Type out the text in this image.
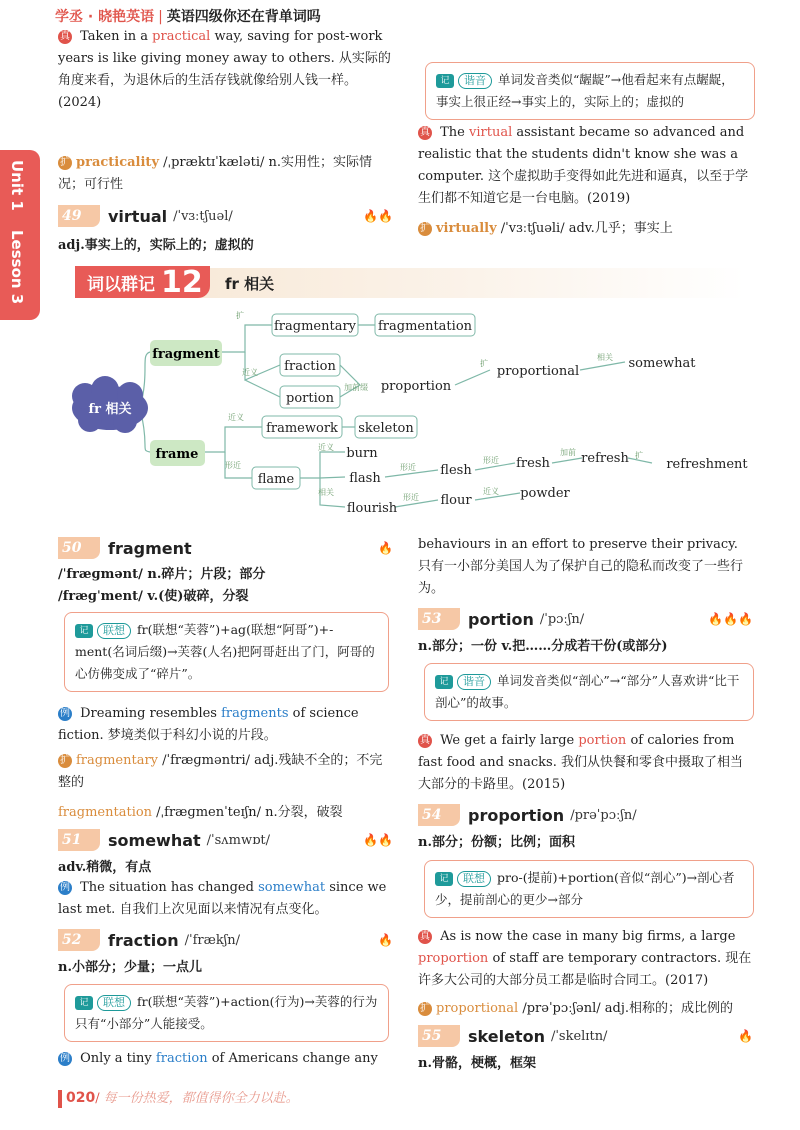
学丞 · 晓艳英语 | 英语四级你还在背单词吗
Unit 1
Lesson 3
真 Taken in a practical way, saving for post-work years is like giving money away to others. 从实际的角度来看，为退休后的生活存钱就像给别人钱一样。(2024)
扩 practicality /ˌpræktɪˈkæləti/ n.实用性；实际情况；可行性
49	virtual /ˈvɜːtʃuəl/	🔥🔥
adj.事实上的，实际上的；虚拟的
记 谐音 单词发音类似“龌龊”→他看起来有点龌龊，事实上很正经→事实上的，实际上的；虚拟的
真 The virtual assistant became so advanced and realistic that the students didn't know she was a computer. 这个虚拟助手变得如此先进和逼真，以至于学生们都不知道它是一台电脑。(2019)
扩 virtually /ˈvɜːtʃuəli/ adv.几乎；事实上
词以群记 12 fr 相关
扩
近义
加前缀
扩
相关
近义
形近
近义
相关
形近
形近
加前	扩
形近
近义
fr 相关
fragment
frame
fragmentary fragmentation
fraction
portion
proportion
proportional
somewhat
framework skeleton
flame
burn
flash
flourish
flesh	fresh refresh	refreshment
flour	powder
50	fragment	🔥
/ˈfræɡmənt/ n.碎片；片段；部分
/fræɡˈment/ v.(使)破碎，分裂
记 联想 fr(联想“芙蓉”)+ag(联想“阿哥”)+-ment(名词后缀)→芙蓉(人名)把阿哥赶出了门，阿哥的心仿佛变成了“碎片”。
例 Dreaming resembles fragments of science fiction. 梦境类似于科幻小说的片段。
扩 fragmentary /ˈfræɡməntri/ adj.残缺不全的；不完整的
fragmentation /ˌfræɡmenˈteɪʃn/ n.分裂，破裂
51	somewhat /ˈsʌmwɒt/	🔥🔥
adv.稍微，有点
例 The situation has changed somewhat since we last met. 自我们上次见面以来情况有点变化。
52	fraction /ˈfrækʃn/	🔥
n.小部分；少量；一点儿
记 联想 fr(联想“芙蓉”)+action(行为)→芙蓉的行为只有“小部分”人能接受。
例 Only a tiny fraction of Americans change any
behaviours in an effort to preserve their privacy. 只有一小部分美国人为了保护自己的隐私而改变了一些行为。
53	portion /ˈpɔːʃn/	🔥🔥🔥
n.部分；一份 v.把……分成若干份(或部分)
记 谐音 单词发音类似“剖心”→“部分”人喜欢讲“比干剖心”的故事。
真 We get a fairly large portion of calories from fast food and snacks. 我们从快餐和零食中摄取了相当大部分的卡路里。(2015)
54	proportion /prəˈpɔːʃn/
n.部分；份额；比例；面积
记 联想 pro-(提前)+portion(音似“剖心”)→剖心者少，提前剖心的更少→部分
真 As is now the case in many big firms, a large proportion of staff are temporary contractors. 现在许多大公司的大部分员工都是临时合同工。(2017)
扩 proportional /prəˈpɔːʃənl/ adj.相称的；成比例的
55	skeleton /ˈskelɪtn/	🔥
n.骨骼，梗概，框架
020/ 每一份热爱，都值得你全力以赴。
